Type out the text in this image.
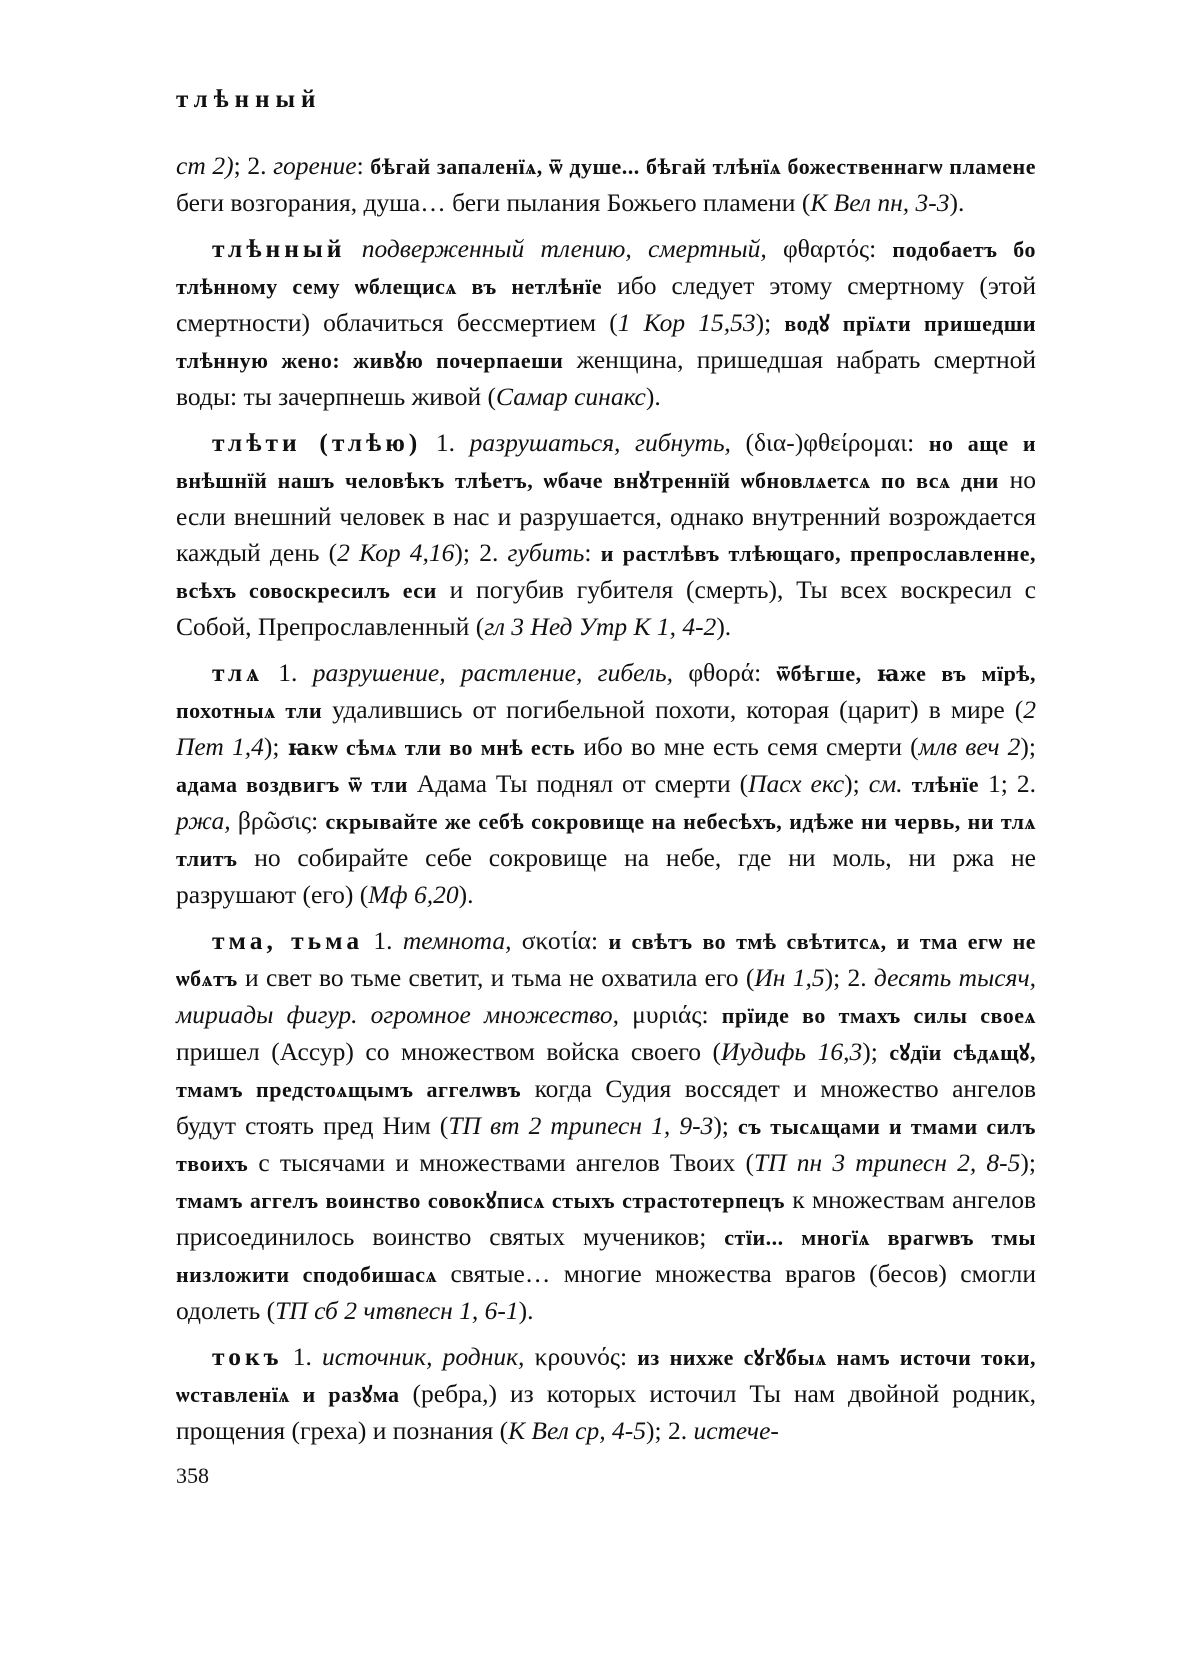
тлѣнный

ст 2); 2. горение: бѣгай запаленїѧ, ѿ душе... бѣгай тлѣнїѧ божественнагѡ пламене беги возгорания, душа… беги пылания Божьего пламени (К Вел пн, 3-3).

тлѣнный подверженный тлению, смертный, φθαρτός: подобаетъ бо тлѣнному сему ѡблещисѧ въ нетлѣнїе ибо следует этому смертному (этой смертности) облачиться бессмертием (1 Кор 15,53); водꙋ прїѧти пришедши тлѣнную жено: живꙋю почерпаеши женщина, пришедшая набрать смертной воды: ты зачерпнешь живой (Самар синакс).

тлѣти (тлѣю) 1. разрушаться, гибнуть, (δια-)φθείρομαι: но аще и внѣшнїй нашъ человѣкъ тлѣетъ, ѡбаче внꙋтреннїй ѡбновлѧетсѧ по всѧ дни но если внешний человек в нас и разрушается, однако внутренний возрождается каждый день (2 Кор 4,16); 2. губить: и растлѣвъ тлѣющаго, препрославленне, всѣхъ совоскресилъ еси и погубив губителя (смерть), Ты всех воскресил с Собой, Препрославленный (гл 3 Нед Утр К 1, 4-2).

тлѧ 1. разрушение, растление, гибель, φθορά: ѿбѣгше, ꙗже въ мїрѣ, похотныѧ тли удалившись от погибельной похоти, которая (царит) в мире (2 Пет 1,4); ꙗкѡ сѣмѧ тли во мнѣ есть ибо во мне есть семя смерти (млв веч 2); адама воздвигъ ѿ тли Адама Ты поднял от смерти (Пасх екс); см. тлѣнїе 1; 2. ржа, βρῶσις: скрывайте же себѣ сокровище на небесѣхъ, идѣже ни червь, ни тлѧ тлитъ но собирайте себе сокровище на небе, где ни моль, ни ржа не разрушают (его) (Мф 6,20).

тма, тьма 1. темнота, σκοτία: и свѣтъ во тмѣ свѣтитсѧ, и тма егѡ не ѡбѧтъ и свет во тьме светит, и тьма не охватила его (Ин 1,5); 2. десять тысяч, мириады фигур. огромное множество, μυριάς: прїиде во тмахъ силы своеѧ пришел (Ассур) со множеством войска своего (Иудифь 16,3); сꙋдїи сѣдѧщꙋ, тмамъ предстоѧщымъ аггелѡвъ когда Судия воссядет и множество ангелов будут стоять пред Ним (ТП вт 2 трипесн 1, 9-3); съ тысѧщами и тмами силъ твоихъ с тысячами и множествами ангелов Твоих (ТП пн 3 трипесн 2, 8-5); тмамъ аггелъ воинство совокꙋписѧ стыхъ страстотерпецъ к множествам ангелов присоединилось воинство святых мучеников; стїи... многїѧ врагѡвъ тмы низложити сподобишасѧ святые… многие множества врагов (бесов) смогли одолеть (ТП сб 2 чтвпесн 1, 6-1).

токъ 1. источник, родник, κρουνός: из нихже сꙋгꙋбыѧ намъ источи токи, ѡставленїѧ и разꙋма (ребра,) из которых источил Ты нам двойной родник, прощения (греха) и познания (К Вел ср, 4-5); 2. истече-

358
